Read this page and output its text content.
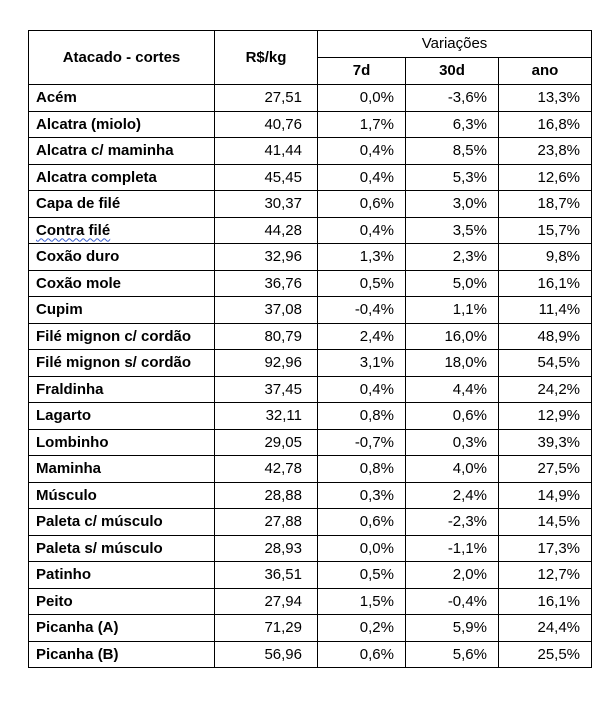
Atacado - cortes	R$/kg	Variações		
		7d	30d	ano
Acém	27,51	0,0%	-3,6%	13,3%
Alcatra (miolo)	40,76	1,7%	6,3%	16,8%
Alcatra c/ maminha	41,44	0,4%	8,5%	23,8%
Alcatra completa	45,45	0,4%	5,3%	12,6%
Capa de filé	30,37	0,6%	3,0%	18,7%
Contra filé	44,28	0,4%	3,5%	15,7%
Coxão duro	32,96	1,3%	2,3%	9,8%
Coxão mole	36,76	0,5%	5,0%	16,1%
Cupim	37,08	-0,4%	1,1%	11,4%
Filé mignon c/ cordão	80,79	2,4%	16,0%	48,9%
Filé mignon s/ cordão	92,96	3,1%	18,0%	54,5%
Fraldinha	37,45	0,4%	4,4%	24,2%
Lagarto	32,11	0,8%	0,6%	12,9%
Lombinho	29,05	-0,7%	0,3%	39,3%
Maminha	42,78	0,8%	4,0%	27,5%
Músculo	28,88	0,3%	2,4%	14,9%
Paleta c/ músculo	27,88	0,6%	-2,3%	14,5%
Paleta s/ músculo	28,93	0,0%	-1,1%	17,3%
Patinho	36,51	0,5%	2,0%	12,7%
Peito	27,94	1,5%	-0,4%	16,1%
Picanha (A)	71,29	0,2%	5,9%	24,4%
Picanha (B)	56,96	0,6%	5,6%	25,5%
